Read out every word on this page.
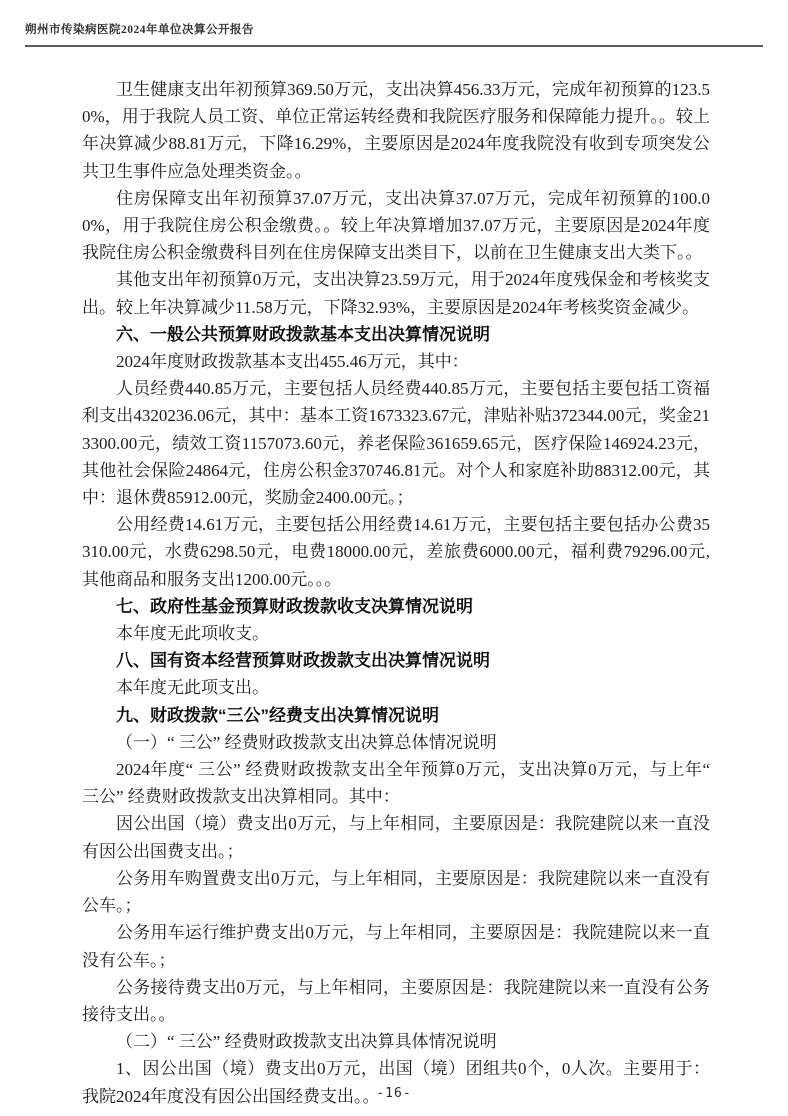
朔州市传染病医院2024年单位决算公开报告

卫生健康支出年初预算369.50万元，支出决算456.33万元，完成年初预算的123.50%，用于我院人员工资、单位正常运转经费和我院医疗服务和保障能力提升。。较上年决算减少88.81万元，下降16.29%，主要原因是2024年度我院没有收到专项突发公共卫生事件应急处理类资金。。

住房保障支出年初预算37.07万元，支出决算37.07万元，完成年初预算的100.00%，用于我院住房公积金缴费。。较上年决算增加37.07万元，主要原因是2024年度我院住房公积金缴费科目列在住房保障支出类目下，以前在卫生健康支出大类下。。

其他支出年初预算0万元，支出决算23.59万元，用于2024年度残保金和考核奖支出。较上年决算减少11.58万元，下降32.93%，主要原因是2024年考核奖资金减少。

六、一般公共预算财政拨款基本支出决算情况说明

2024年度财政拨款基本支出455.46万元，其中：

人员经费440.85万元，主要包括人员经费440.85万元，主要包括主要包括工资福利支出4320236.06元，其中：基本工资1673323.67元，津贴补贴372344.00元，奖金213300.00元，绩效工资1157073.60元，养老保险361659.65元，医疗保险146924.23元，其他社会保险24864元，住房公积金370746.81元。对个人和家庭补助88312.00元，其中：退休费85912.00元，奖励金2400.00元。；

公用经费14.61万元，主要包括公用经费14.61万元，主要包括主要包括办公费35310.00元，水费6298.50元，电费18000.00元，差旅费6000.00元，福利费79296.00元,其他商品和服务支出1200.00元。。。

七、政府性基金预算财政拨款收支决算情况说明

本年度无此项收支。

八、国有资本经营预算财政拨款支出决算情况说明

本年度无此项支出。

九、财政拨款“三公”经费支出决算情况说明

（一）“ 三公” 经费财政拨款支出决算总体情况说明

2024年度“ 三公” 经费财政拨款支出全年预算0万元，支出决算0万元，与上年“ 三公” 经费财政拨款支出决算相同。其中：

因公出国（境）费支出0万元，与上年相同，主要原因是：我院建院以来一直没有因公出国费支出。；

公务用车购置费支出0万元，与上年相同，主要原因是：我院建院以来一直没有公车。；

公务用车运行维护费支出0万元，与上年相同，主要原因是：我院建院以来一直没有公车。；

公务接待费支出0万元，与上年相同，主要原因是：我院建院以来一直没有公务接待支出。。

（二）“ 三公” 经费财政拨款支出决算具体情况说明

1、因公出国（境）费支出0万元，出国（境）团组共0个，0人次。主要用于：我院2024年度没有因公出国经费支出。。

-16-
